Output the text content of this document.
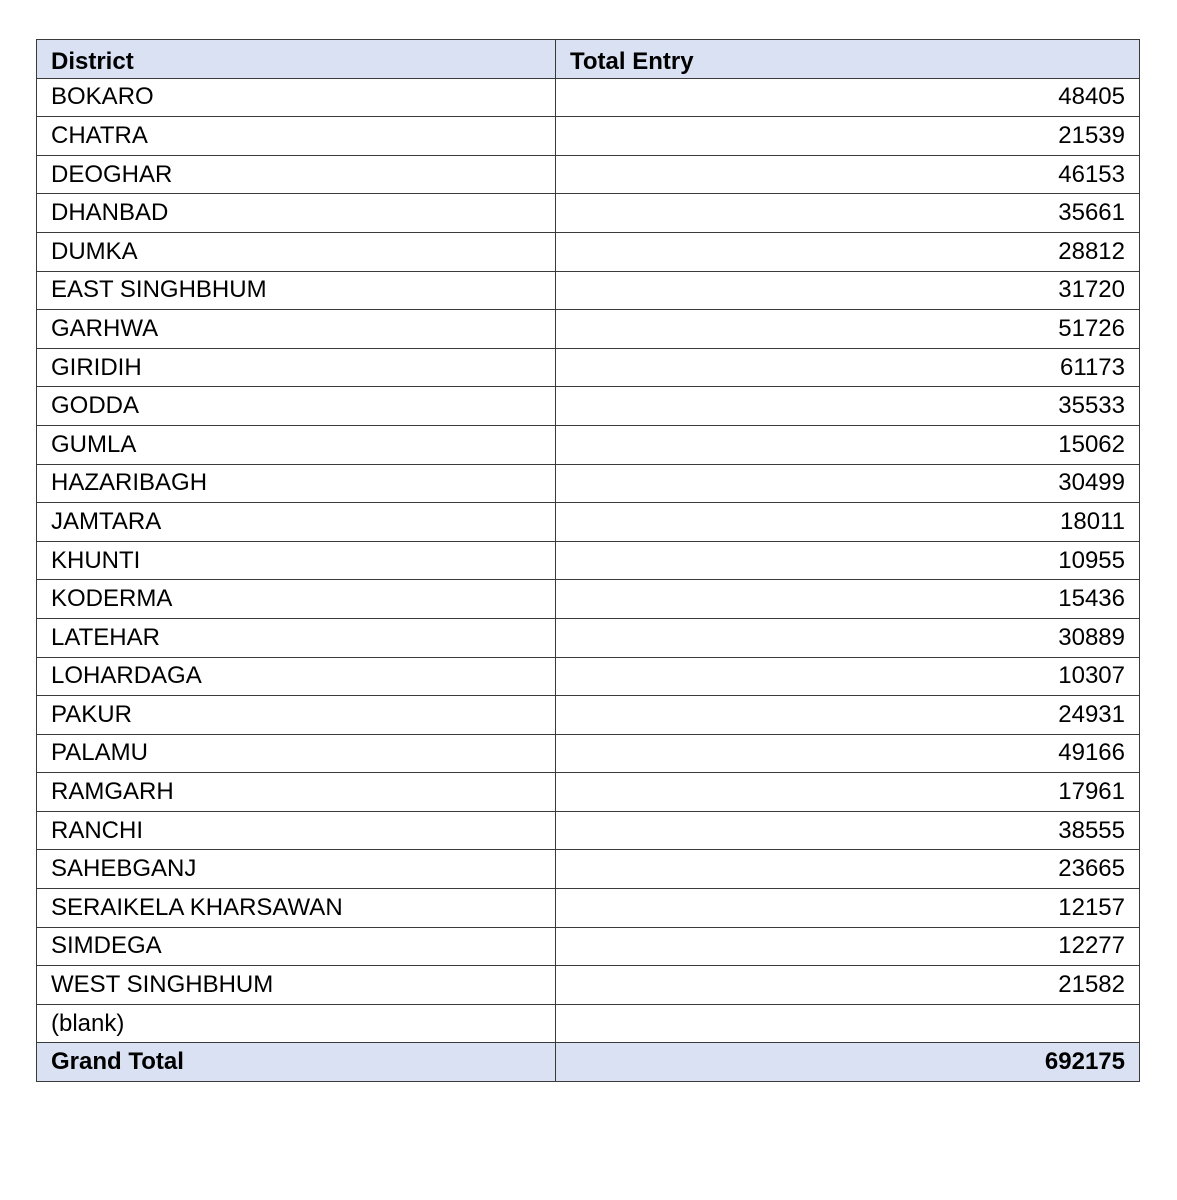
District	Total Entry
BOKARO	48405
CHATRA	21539
DEOGHAR	46153
DHANBAD	35661
DUMKA	28812
EAST SINGHBHUM	31720
GARHWA	51726
GIRIDIH	61173
GODDA	35533
GUMLA	15062
HAZARIBAGH	30499
JAMTARA	18011
KHUNTI	10955
KODERMA	15436
LATEHAR	30889
LOHARDAGA	10307
PAKUR	24931
PALAMU	49166
RAMGARH	17961
RANCHI	38555
SAHEBGANJ	23665
SERAIKELA KHARSAWAN	12157
SIMDEGA	12277
WEST SINGHBHUM	21582
(blank)	
Grand Total	692175
